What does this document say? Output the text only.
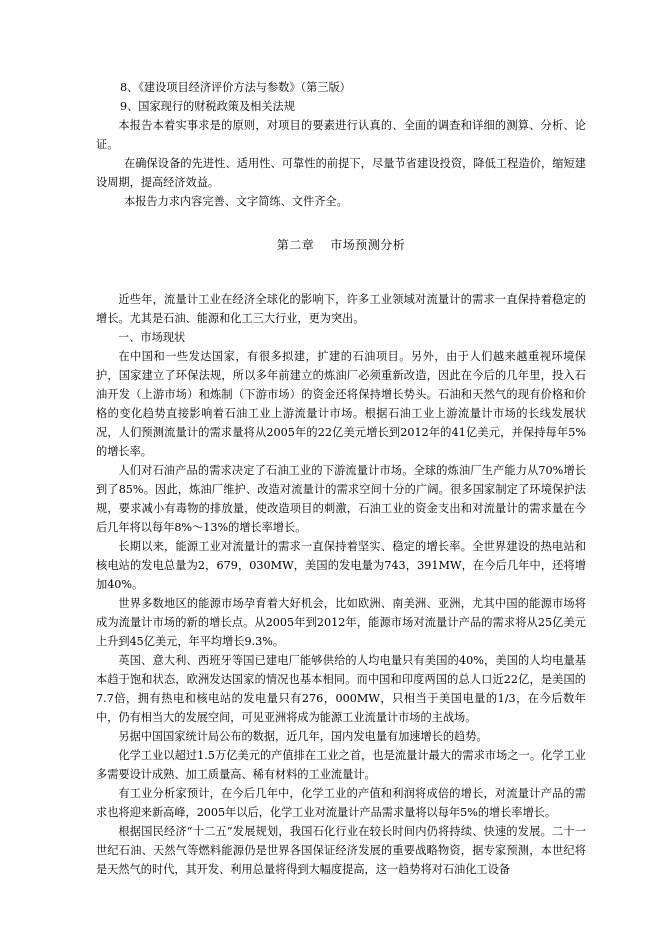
8、《建设项目经济评价方法与参数》（第三版）

9、国家现行的财税政策及相关法规

本报告本着实事求是的原则，对项目的要素进行认真的、全面的调查和详细的测算、分析、论证。

在确保设备的先进性、适用性、可靠性的前提下，尽量节省建设投资，降低工程造价，缩短建设周期，提高经济效益。

本报告力求内容完善、文字简练、文件齐全。

第二章 市场预测分析

近些年，流量计工业在经济全球化的影响下，许多工业领域对流量计的需求一直保持着稳定的增长。尤其是石油、能源和化工三大行业，更为突出。

一、市场现状

在中国和一些发达国家，有很多拟建，扩建的石油项目。另外，由于人们越来越重视环境保护，国家建立了环保法规，所以多年前建立的炼油厂必须重新改造，因此在今后的几年里，投入石油开发（上游市场）和炼制（下游市场）的资金还将保持增长势头。石油和天然气的现有价格和价格的变化趋势直接影响着石油工业上游流量计市场。根据石油工业上游流量计市场的长线发展状况，人们预测流量计的需求量将从2005年的22亿美元增长到2012年的41亿美元，并保持每年5%的增长率。

人们对石油产品的需求决定了石油工业的下游流量计市场。全球的炼油厂生产能力从70%增长到了85%。因此，炼油厂维护、改造对流量计的需求空间十分的广阔。很多国家制定了环境保护法规，要求减小有毒物的排放量，使改造项目的刺激，石油工业的资金支出和对流量计的需求量在今后几年将以每年8%～13%的增长率增长。

长期以来，能源工业对流量计的需求一直保持着坚实、稳定的增长率。全世界建设的热电站和核电站的发电总量为2，679，030MW，美国的发电量为743，391MW，在今后几年中，还将增加40%。

世界多数地区的能源市场孕育着大好机会，比如欧洲、南美洲、亚洲，尤其中国的能源市场将成为流量计市场的新的增长点。从2005年到2012年，能源市场对流量计产品的需求将从25亿美元上升到45亿美元，年平均增长9.3%。

英国、意大利、西班牙等国已建电厂能够供给的人均电量只有美国的40%，美国的人均电量基本趋于饱和状态，欧洲发达国家的情况也基本相同。而中国和印度两国的总人口近22亿，是美国的7.7倍，拥有热电和核电站的发电量只有276，000MW，只相当于美国电量的1/3，在今后数年中，仍有相当大的发展空间，可见亚洲将成为能源工业流量计市场的主战场。

另据中国国家统计局公布的数据，近几年，国内发电量有加速增长的趋势。

化学工业以超过1.5万亿美元的产值排在工业之首，也是流量计最大的需求市场之一。化学工业多需要设计成熟、加工质量高、稀有材料的工业流量计。

有工业分析家预计，在今后几年中，化学工业的产值和利润将成倍的增长，对流量计产品的需求也将迎来新高峰，2005年以后，化学工业对流量计产品需求量将以每年5%的增长率增长。

根据国民经济“十二五”发展规划，我国石化行业在较长时间内仍将持续、快速的发展。二十一世纪石油、天然气等燃料能源仍是世界各国保证经济发展的重要战略物资，据专家预测，本世纪将是天然气的时代，其开发、利用总量将得到大幅度提高，这一趋势将对石油化工设备
